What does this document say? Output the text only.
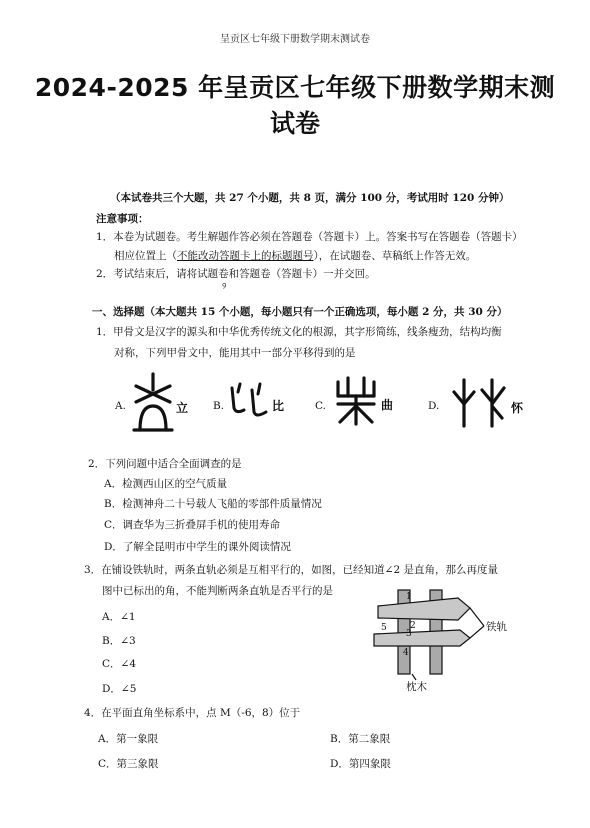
呈贡区七年级下册数学期末测试卷
2024-2025 年呈贡区七年级下册数学期末测
试卷
（本试卷共三个大题，共 27 个小题，共 8 页，满分 100 分，考试用时 120 分钟）
注意事项：
1．本卷为试题卷。考生解题作答必须在答题卷（答题卡）上。答案书写在答题卷（答题卡）
相应位置上（不能改动答题卡上的标题题号），在试题卷、草稿纸上作答无效。
2．考试结束后，请将试题卷和答题卷（答题卡）一并交回。
୨
一、选择题（本大题共 15 个小题，每小题只有一个正确选项，每小题 2 分，共 30 分）
1．甲骨文是汉字的源头和中华优秀传统文化的根源，其字形简练，线条瘦劲，结构均衡
对称，下列甲骨文中，能用其中一部分平移得到的是
A.	立 B.	比	C.	曲	D.	怀
2．下列问题中适合全面调查的是
A．检测西山区的空气质量
B．检测神舟二十号载人飞船的零部件质量情况
C．调查华为三折叠屏手机的使用寿命
D．了解全昆明市中学生的课外阅读情况
3．在铺设铁轨时，两条直轨必须是互相平行的，如图，已经知道∠2 是直角，那么再度量
图中已标出的角，不能判断两条直轨是否平行的是
A．∠1
B．∠3
C．∠4
D．∠5
1
2
3
4
5	铁轨
枕木
4．在平面直角坐标系中，点 M（-6，8）位于
A．第一象限	B．第二象限
C．第三象限	D．第四象限
